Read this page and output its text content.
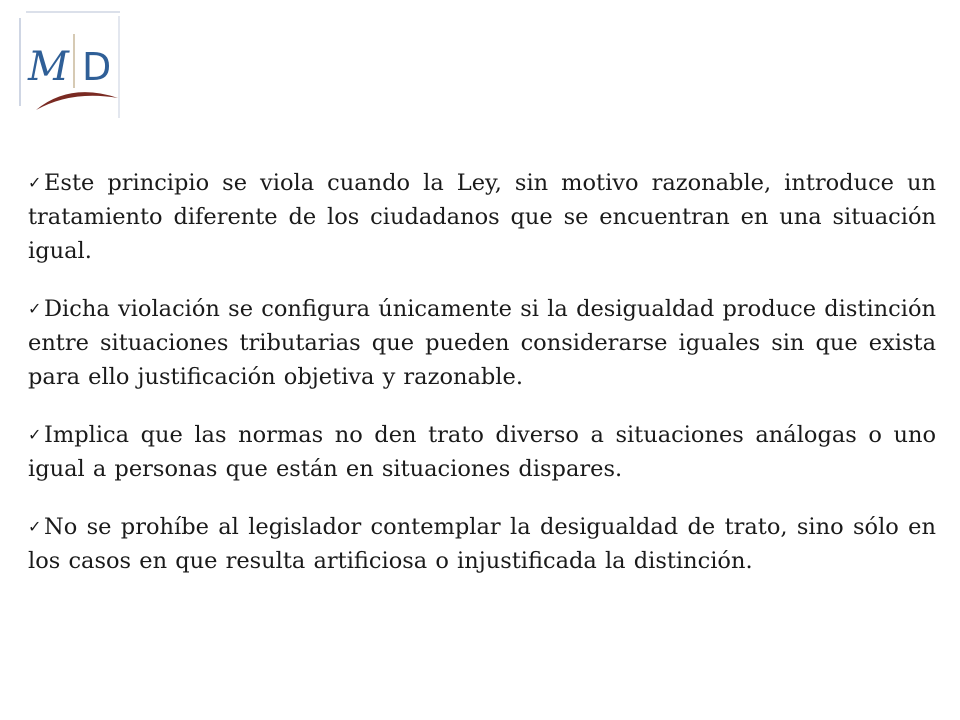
M D

✓ Este principio se viola cuando la Ley, sin motivo razonable, introduce un tratamiento diferente de los ciudadanos que se encuentran en una situación igual.

✓ Dicha violación se configura únicamente si la desigualdad produce distinción entre situaciones tributarias que pueden considerarse iguales sin que exista para ello justificación objetiva y razonable.

✓ Implica que las normas no den trato diverso a situaciones análogas o uno igual a personas que están en situaciones dispares.

✓ No se prohíbe al legislador contemplar la desigualdad de trato, sino sólo en los casos en que resulta artificiosa o injustificada la distinción.
